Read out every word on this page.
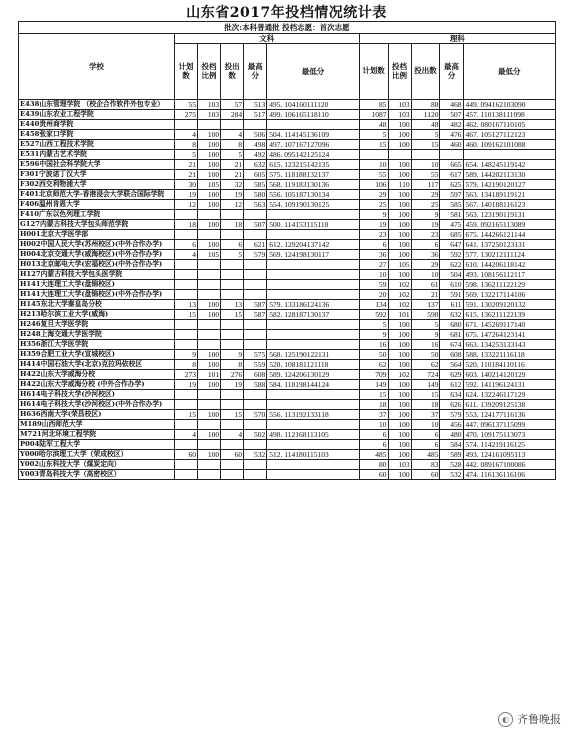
山东省2017年投档情况统计表
批次:本科普通批 投档志愿：首次志愿										
学校	文科					理科				
	计划数	投档比例	投出数	最高分	最低分	计划数	投档比例	投出数	最高分	最低分
E438山东管理学院 （校企合作软件外包专业）	55	103	57	513	495. 104160111120	85	103	88	468	449. 094162103090
E439山东农业工程学院	275	103	284	517	499. 106165118110	1087	103	1120	507	457. 110138111098
E440贵州商学院						48	100	48	482	462. 080167110105
E458张家口学院	4	100	4	506	504. 114145136109	5	100	5	476	467. 105127112123
E527山西工程技术学院	8	100	8	498	497. 107167127096	15	100	15	460	460. 109162101088
E531内蒙古艺术学院	5	100	5	492	486. 095142125124					
E596中国社会科学院大学	21	100	21	632	615. 123215142135	10	100	10	665	654. 148245119142
F301宁波诺丁汉大学	21	100	21	605	575. 118188132137	55	100	55	617	589. 144202113130
F302西交利物浦大学	30	105	32	585	568. 119183130136	106	110	117	625	579. 142190120127
F401北京师范大学-香港浸会大学联合国际学院	19	100	19	580	556. 105187130134	29	100	29	597	563. 134189119121
F406温州肯恩大学	12	100	12	563	554. 109190130125	25	100	25	585	567. 140188116123
F410广东以色列理工学院						9	100	9	581	563. 123190119131
G127内蒙古科技大学包头师范学院	18	100	18	507	500. 114153115118	19	100	19	475	459. 092165113089
H001北京大学医学部						23	100	23	685	675. 144266121144
H002中国人民大学(苏州校区)(中外合作办学)	6	100	6	621	612. 129204137142	6	100	6	647	641. 137250123131
H004北京交通大学(威海校区)(中外合作办学)	4	105	5	579	569. 124198130117	36	100	36	592	577. 130212111124
H013北京邮电大学(宏福校区)(中外合作办学)						27	105	29	622	610. 144206118142
H127内蒙古科技大学包头医学院						10	100	10	504	493. 108156112117
H141大连理工大学(盘锦校区)						59	102	61	610	598. 136211122129
H141大连理工大学(盘锦校区)(中外合作办学)						20	102	21	591	569. 132217114106
H145东北大学秦皇岛分校	13	100	13	587	579. 133186124136	134	102	137	611	591. 130209120132
H213哈尔滨工业大学(威海)	15	100	15	587	582. 128187130137	592	101	598	632	615. 136211122139
H246复旦大学医学院						5	100	5	680	671. 145269117140
H248上海交通大学医学院						9	100	9	681	675. 147264123141
H356浙江大学医学院						16	100	16	674	663. 134253133143
H359合肥工业大学(宣城校区)	9	100	9	575	568. 125190122131	50	100	50	608	588. 133221116118
H414中国石油大学(北京)克拉玛依校区	8	100	8	559	528. 108181121118	62	100	62	564	520. 110184110116
H422山东大学威海分校	273	101	276	608	589. 124206130129	709	102	724	629	603. 140214120129
H422山东大学威海分校 (中外合作办学)	19	100	19	588	584. 118198144124	149	100	149	612	592. 141196124131
H614电子科技大学(沙河校区)						15	100	15	634	624. 132246117129
H614电子科技大学(沙河校区)(中外合作办学)						18	100	18	626	611. 139209125138
H636西南大学(荣昌校区)	15	100	15	570	556. 113192133118	37	100	37	579	553. 124177116136
M189山西师范大学						10	100	10	456	447. 096137115099
M721河北环境工程学院	4	100	4	502	498. 112168113105	6	100	6	480	470. 109175113073
P004陆军工程大学						6	100	6	584	574. 114219116125
Y000哈尔滨理工大学（荣成校区）	60	100	60	532	512. 114180115103	485	100	485	589	493. 124161095113
Y002山东科技大学（煤炭定向）						80	103	83	528	442. 089167100086
Y003青岛科技大学（高密校区）						60	100	60	532	474. 116136116106
◐ 齐鲁晚报
